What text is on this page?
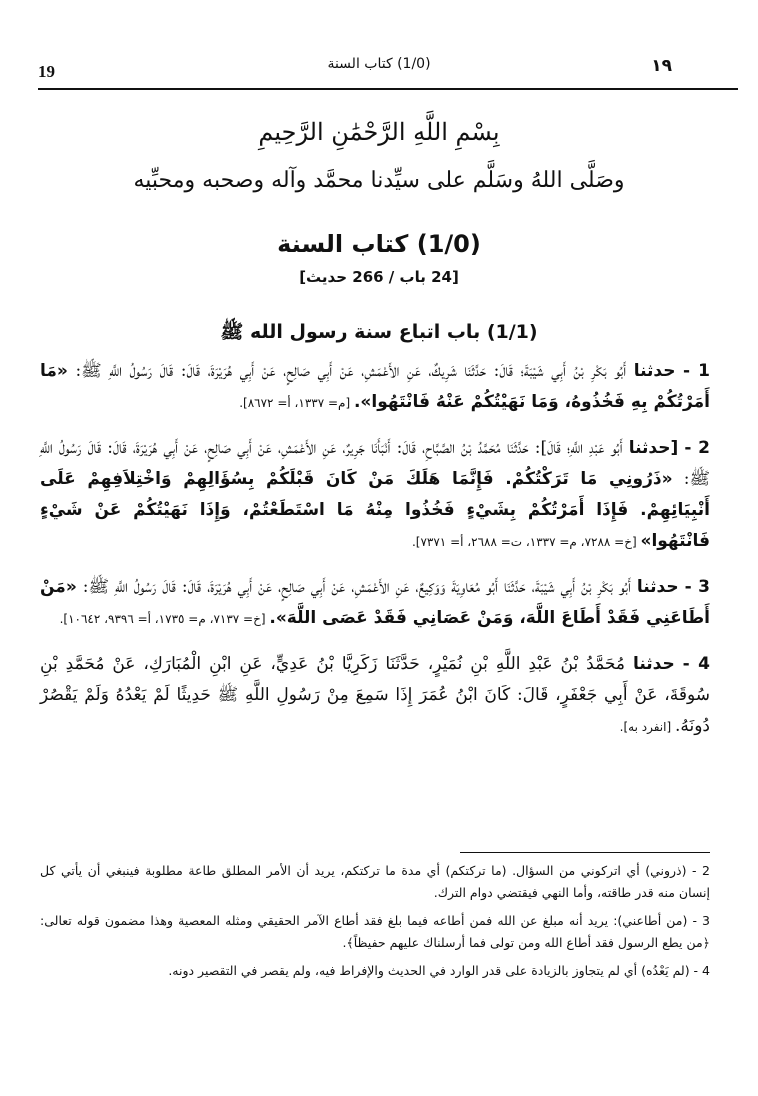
19	(1/0) كتاب السنة	١٩
بِسْمِ اللَّهِ الرَّحْمَٰنِ الرَّحِيمِ
وصَلَّى اللهُ وسَلَّم على سيِّدنا محمَّد وآله وصحبه ومحبِّيه
(1/0) كتاب السنة
[24 باب / 266 حديث]
(1/1) باب اتباع سنة رسول الله ﷺ

1 - حدثنا أَبُو بَكْرِ بْنُ أَبِي شَيْبَةَ؛ قَالَ: حَدَّثَنَا شَرِيكٌ، عَنِ الأَعْمَشِ، عَنْ أَبِي صَالِحٍ، عَنْ أَبِي هُرَيْرَةَ، قَالَ: قَالَ رَسُولُ اللَّهِ ﷺ: «مَا أَمَرْتُكُمْ بِهِ فَخُذُوهُ، وَمَا نَهَيْتُكُمْ عَنْهُ فَانْتَهُوا». [م= ١٣٣٧، أ= ٨٦٧٢].

2 - [حدثنا أَبُو عَبْدِ اللَّهِ؛ قَالَ]: حَدَّثَنَا مُحَمَّدُ بْنُ الصَّبَّاحِ، قَالَ: أَنْبَأَنَا جَرِيرٌ، عَنِ الأَعْمَشِ، عَنْ أَبِي صَالِحٍ، عَنْ أَبِي هُرَيْرَةَ، قَالَ: قَالَ رَسُولُ اللَّهِ ﷺ: «ذَرُونِي مَا تَرَكْتُكُمْ. فَإِنَّمَا هَلَكَ مَنْ كَانَ قَبْلَكُمْ بِسُؤَالِهِمْ وَاخْتِلاَفِهِمْ عَلَى أَنْبِيَائِهِمْ. فَإِذَا أَمَرْتُكُمْ بِشَيْءٍ فَخُذُوا مِنْهُ مَا اسْتَطَعْتُمْ، وَإِذَا نَهَيْتُكُمْ عَنْ شَيْءٍ فَانْتَهُوا» [خ= ٧٢٨٨، م= ١٣٣٧، ت= ٢٦٨٨، أ= ٧٣٧١].

3 - حدثنا أَبُو بَكْرِ بْنُ أَبِي شَيْبَةَ، حَدَّثَنَا أَبُو مُعَاوِيَةَ وَوَكِيعٌ، عَنِ الأَعْمَشِ، عَنْ أَبِي صَالِحٍ، عَنْ أَبِي هُرَيْرَةَ، قَالَ: قَالَ رَسُولُ اللَّهِ ﷺ: «مَنْ أَطَاعَنِي فَقَدْ أَطَاعَ اللَّهَ، وَمَنْ عَصَانِي فَقَدْ عَصَى اللَّهَ». [خ= ٧١٣٧، م= ١٧٣٥، أ= ٩٣٩٦، ١٠٦٤٢].

4 - حدثنا مُحَمَّدُ بْنُ عَبْدِ اللَّهِ بْنِ نُمَيْرٍ، حَدَّثَنَا زَكَرِيَّا بْنُ عَدِيٍّ، عَنِ ابْنِ الْمُبَارَكِ، عَنْ مُحَمَّدِ بْنِ سُوقَةَ، عَنْ أَبِي جَعْفَرٍ، قَالَ: كَانَ ابْنُ عُمَرَ إِذَا سَمِعَ مِنْ رَسُولِ اللَّهِ ﷺ حَدِيثًا لَمْ يَعْدُهُ وَلَمْ يَقْصُرْ دُونَهُ. [انفرد به].

2 - (ذروني) أي اتركوني من السؤال. (ما تركتكم) أي مدة ما تركتكم، يريد أن الأمر المطلق طاعة مطلوبة فينبغي أن يأتي كل إنسان منه قدر طاقته، وأما النهي فيقتضي دوام الترك.

3 - (من أطاعني): يريد أنه مبلغ عن الله فمن أطاعه فيما بلغ فقد أطاع الآمر الحقيقي ومثله المعصية وهذا مضمون قوله تعالى: ﴿من يطع الرسول فقد أطاع الله ومن تولى فما أرسلناك عليهم حفيظاً﴾.

4 - (لم يَعْدُه) أي لم يتجاوز بالزيادة على قدر الوارد في الحديث والإفراط فيه، ولم يقصر في التقصير دونه.
